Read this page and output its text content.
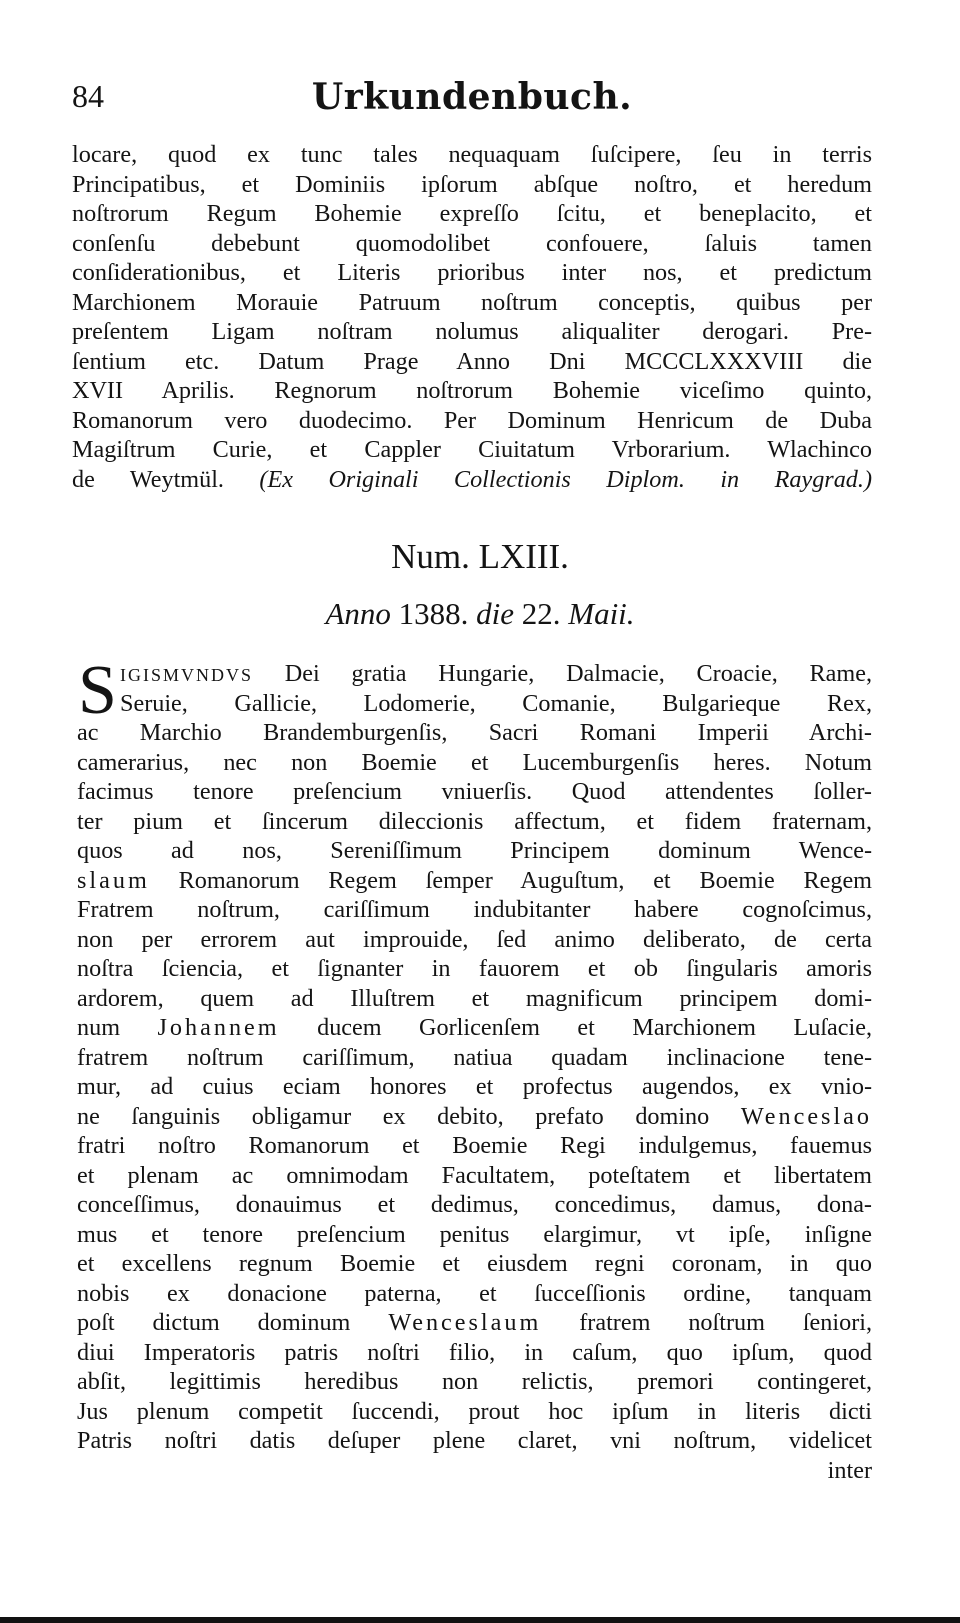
84	Urkundenbuch.
locare, quod ex tunc tales nequaquam ſuſcipere, ſeu in terris
Principatibus, et Dominiis ipſorum abſque noſtro, et heredum
noſtrorum Regum Bohemie expreſſo ſcitu, et beneplacito, et
conſenſu debebunt quomodolibet confouere, ſaluis tamen
conſiderationibus, et Literis prioribus inter nos, et predictum
Marchionem Morauie Patruum noſtrum conceptis, quibus per
preſentem Ligam noſtram nolumus aliqualiter derogari. Pre-
ſentium etc. Datum Prage Anno Dni MCCCLXXXVIII die
XVII Aprilis. Regnorum noſtrorum Bohemie viceſimo quinto,
Romanorum vero duodecimo. Per Dominum Henricum de Duba
Magiſtrum Curie, et Cappler Ciuitatum Vrborarium. Wlachinco
de Weytmül. (Ex Originali Collectionis Diplom. in Raygrad.)
Num. LXIII.
Anno 1388. die 22. Maii.
S IGISMVNDVS Dei gratia Hungarie, Dalmacie, Croacie, Rame,
Seruie, Gallicie, Lodomerie, Comanie, Bulgarieque Rex,
ac Marchio Brandemburgenſis, Sacri Romani Imperii Archi-
camerarius, nec non Boemie et Lucemburgenſis heres. Notum
facimus tenore preſencium vniuerſis. Quod attendentes ſoller-
ter pium et ſincerum dileccionis affectum, et fidem fraternam,
quos ad nos, Sereniſſimum Principem dominum Wence-
slaum Romanorum Regem ſemper Auguſtum, et Boemie Regem
Fratrem noſtrum, cariſſimum indubitanter habere cognoſcimus,
non per errorem aut improuide, ſed animo deliberato, de certa
noſtra ſciencia, et ſignanter in fauorem et ob ſingularis amoris
ardorem, quem ad Illuſtrem et magnificum principem domi-
num Johannem ducem Gorlicenſem et Marchionem Luſacie,
fratrem noſtrum cariſſimum, natiua quadam inclinacione tene-
mur, ad cuius eciam honores et profectus augendos, ex vnio-
ne ſanguinis obligamur ex debito, prefato domino Wenceslao
fratri noſtro Romanorum et Boemie Regi indulgemus, fauemus
et plenam ac omnimodam Facultatem, poteſtatem et libertatem
conceſſimus, donauimus et dedimus, concedimus, damus, dona-
mus et tenore preſencium penitus elargimur, vt ipſe, inſigne
et excellens regnum Boemie et eiusdem regni coronam, in quo
nobis ex donacione paterna, et ſucceſſionis ordine, tanquam
poſt dictum dominum Wenceslaum fratrem noſtrum ſeniori,
diui Imperatoris patris noſtri filio, in caſum, quo ipſum, quod
abſit, legittimis heredibus non relictis, premori contingeret,
Jus plenum competit ſuccendi, prout hoc ipſum in literis dicti
Patris noſtri datis deſuper plene claret, vni noſtrum, videlicet
inter
